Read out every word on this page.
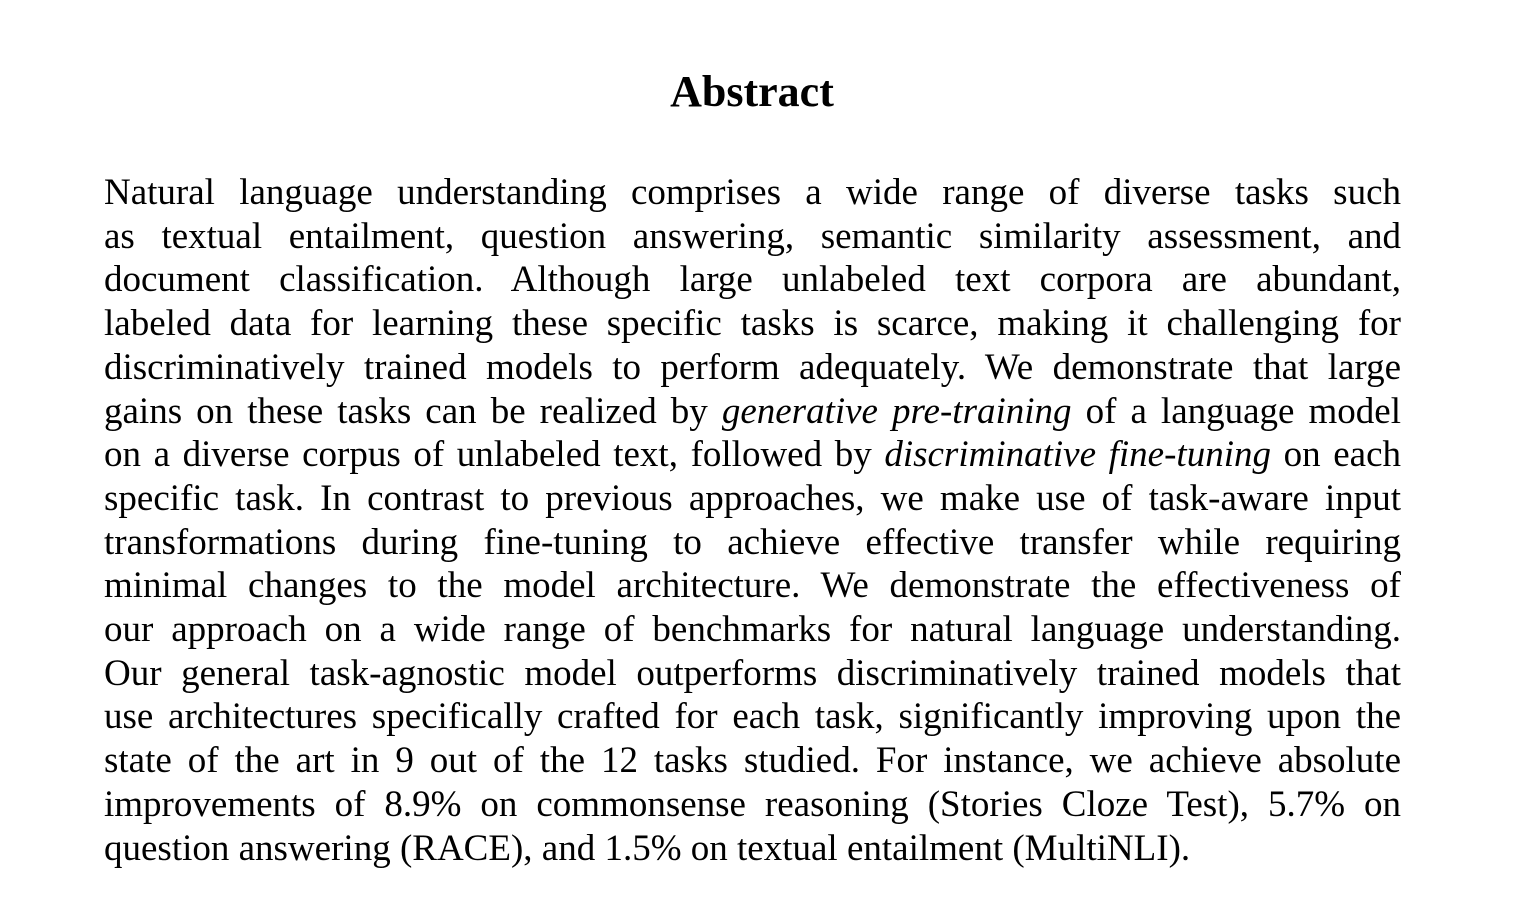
Abstract
Natural language understanding comprises a wide range of diverse tasks such
as textual entailment, question answering, semantic similarity assessment, and
document classification. Although large unlabeled text corpora are abundant,
labeled data for learning these specific tasks is scarce, making it challenging for
discriminatively trained models to perform adequately. We demonstrate that large
gains on these tasks can be realized by generative pre-training of a language model
on a diverse corpus of unlabeled text, followed by discriminative fine-tuning on each
specific task. In contrast to previous approaches, we make use of task-aware input
transformations during fine-tuning to achieve effective transfer while requiring
minimal changes to the model architecture. We demonstrate the effectiveness of
our approach on a wide range of benchmarks for natural language understanding.
Our general task-agnostic model outperforms discriminatively trained models that
use architectures specifically crafted for each task, significantly improving upon the
state of the art in 9 out of the 12 tasks studied. For instance, we achieve absolute
improvements of 8.9% on commonsense reasoning (Stories Cloze Test), 5.7% on
question answering (RACE), and 1.5% on textual entailment (MultiNLI).
